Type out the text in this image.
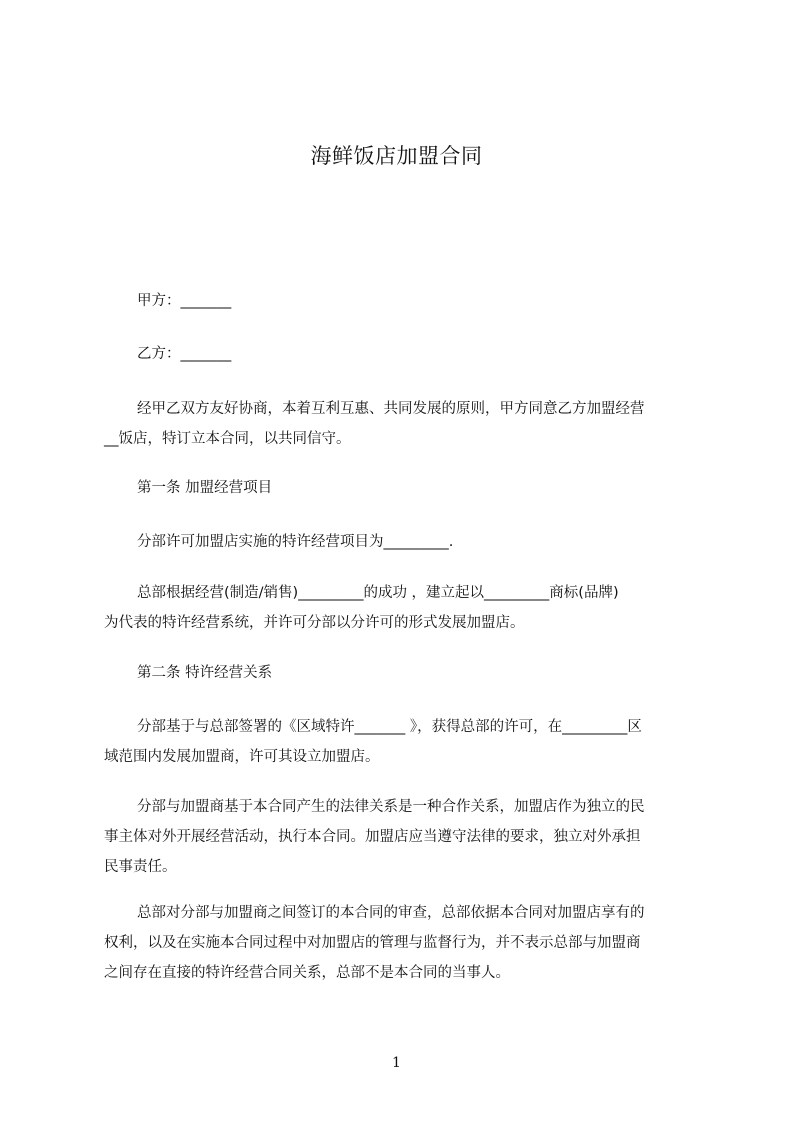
海鲜饭店加盟合同

甲方：_______

乙方：_______

经甲乙双方友好协商，本着互利互惠、共同发展的原则，甲方同意乙方加盟经营

__饭店，特订立本合同，以共同信守。

第一条 加盟经营项目

分部许可加盟店实施的特许经营项目为_________.

总部根据经营(制造/销售)_________的成功 ，建立起以_________商标(品牌)

为代表的特许经营系统，并许可分部以分许可的形式发展加盟店。

第二条 特许经营关系

分部基于与总部签署的《区域特许_______ 》，获得总部的许可，在_________区

域范围内发展加盟商，许可其设立加盟店。

分部与加盟商基于本合同产生的法律关系是一种合作关系，加盟店作为独立的民

事主体对外开展经营活动，执行本合同。加盟店应当遵守法律的要求，独立对外承担

民事责任。

总部对分部与加盟商之间签订的本合同的审查，总部依据本合同对加盟店享有的

权利，以及在实施本合同过程中对加盟店的管理与监督行为，并不表示总部与加盟商

之间存在直接的特许经营合同关系，总部不是本合同的当事人。

1
